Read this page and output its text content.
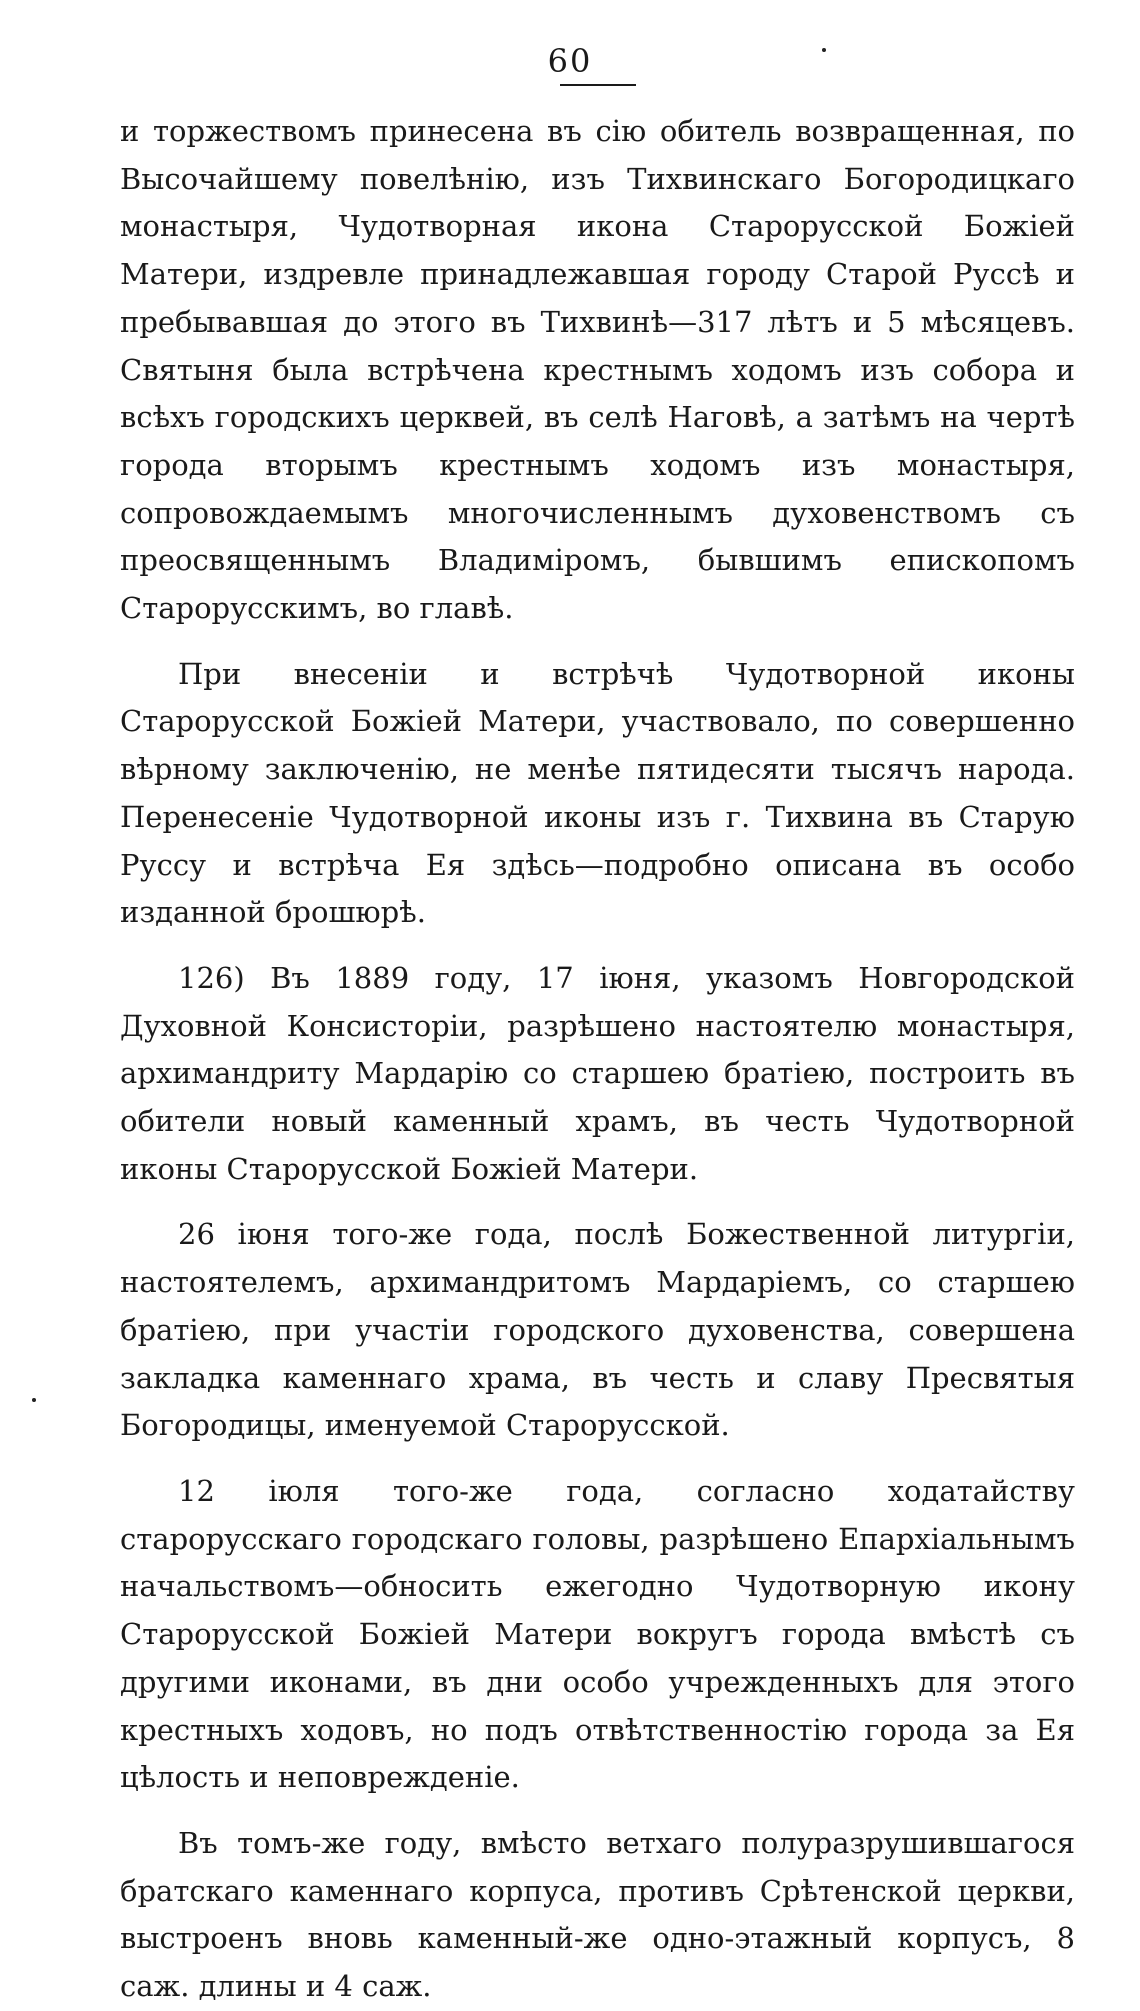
60

и торжествомъ принесена въ сію обитель возвращенная, по Высочайшему повелѣнію, изъ Тихвинскаго Богородицкаго монастыря, Чудотворная икона Старорусской Божіей Матери, издревле принадлежавшая городу Старой Руссѣ и пребывавшая до этого въ Тихвинѣ—317 лѣтъ и 5 мѣсяцевъ. Святыня была встрѣчена крестнымъ ходомъ изъ собора и всѣхъ городскихъ церквей, въ селѣ Наговѣ, а затѣмъ на чертѣ города вторымъ крестнымъ ходомъ изъ монастыря, сопровождаемымъ многочисленнымъ духовенствомъ съ преосвященнымъ Владиміромъ, бывшимъ епископомъ Старорусскимъ, во главѣ.

При внесеніи и встрѣчѣ Чудотворной иконы Старорусской Божіей Матери, участвовало, по совершенно вѣрному заключенію, не менѣе пятидесяти тысячъ народа. Перенесеніе Чудотворной иконы изъ г. Тихвина въ Старую Руссу и встрѣча Ея здѣсь—подробно описана въ особо изданной брошюрѣ.

126) Въ 1889 году, 17 іюня, указомъ Новгородской Духовной Консисторіи, разрѣшено настоятелю монастыря, архимандриту Мардарію со старшею братіею, построить въ обители новый каменный храмъ, въ честь Чудотворной иконы Старорусской Божіей Матери.

26 іюня того-же года, послѣ Божественной литургіи, настоятелемъ, архимандритомъ Мардаріемъ, со старшею братіею, при участіи городского духовенства, совершена закладка каменнаго храма, въ честь и славу Пресвятыя Богородицы, именуемой Старорусской.

12 іюля того-же года, согласно ходатайству старорусскаго городскаго головы, разрѣшено Епархіальнымъ начальствомъ—обносить ежегодно Чудотворную икону Старорусской Божіей Матери вокругъ города вмѣстѣ съ другими иконами, въ дни особо учрежденныхъ для этого крестныхъ ходовъ, но подъ отвѣтственностію города за Ея цѣлость и неповрежденіе.

Въ томъ-же году, вмѣсто ветхаго полуразрушившагося братскаго каменнаго корпуса, противъ Срѣтенской церкви, выстроенъ вновь каменный-же одно-этажный корпусъ, 8 саж. длины и 4 саж.
